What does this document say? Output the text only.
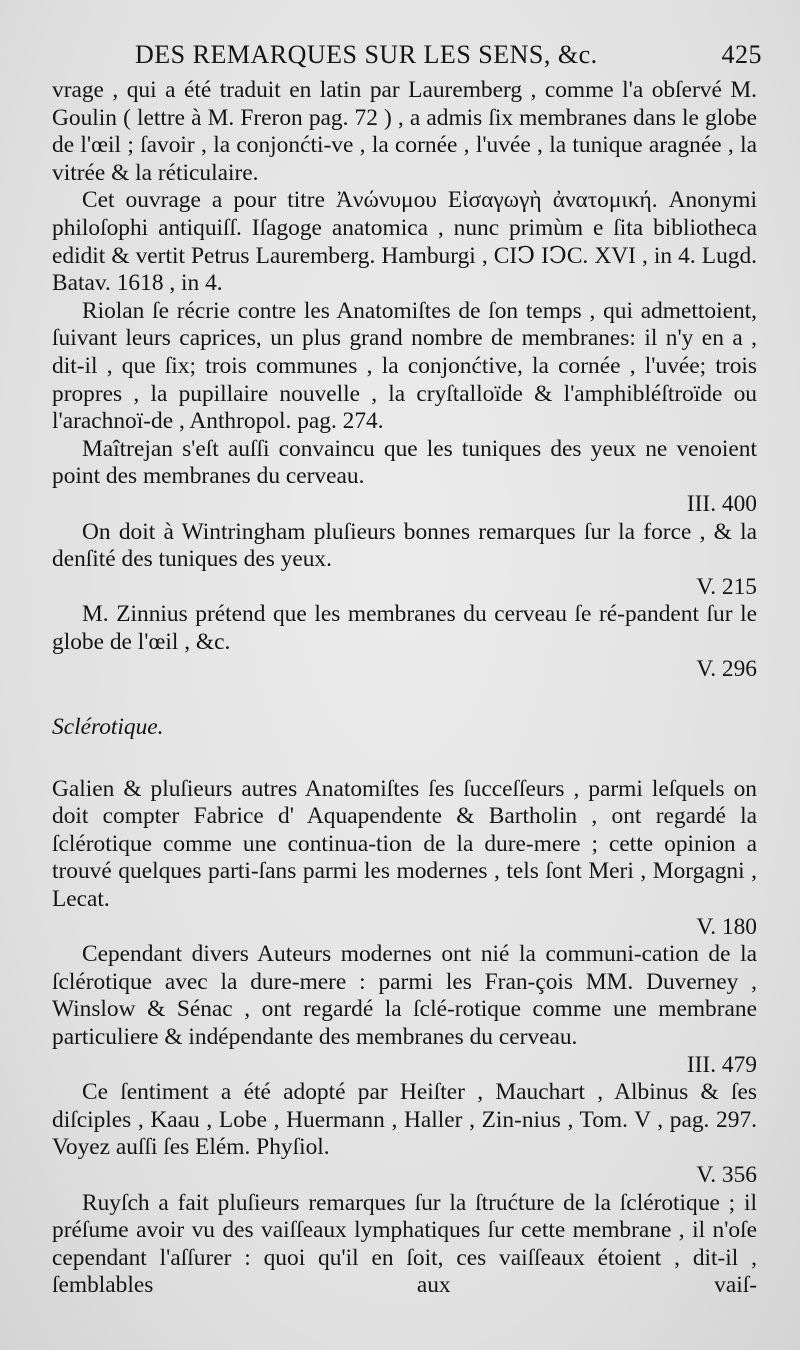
DES REMARQUES SUR LES SENS, &c.	425

vrage , qui a été traduit en latin par Lauremberg , comme l'a obſervé M. Goulin ( lettre à M. Freron pag. 72 ) , a admis ſix membranes dans le globe de l'œil ; ſavoir , la conjonćti-ve , la cornée , l'uvée , la tunique aragnée , la vitrée & la réticulaire.

Cet ouvrage a pour titre Ἀνώνυμου Εἰσαγωγὴ ἀνατομική. Anonymi philoſophi antiquiſſ. Iſagoge anatomica , nunc primùm e ſita bibliotheca edidit & vertit Petrus Lauremberg. Hamburgi , CIↃ IↃC. XVI , in 4. Lugd. Batav. 1618 , in 4.

Riolan ſe récrie contre les Anatomiſtes de ſon temps , qui admettoient, ſuivant leurs caprices, un plus grand nombre de membranes: il n'y en a , dit-il , que ſix; trois communes , la conjonćtive, la cornée , l'uvée; trois propres , la pupillaire nouvelle , la cryſtalloïde & l'amphibléſtroïde ou l'arachnoï-de , Anthropol. pag. 274.

Maîtrejan s'eſt auſſi convaincu que les tuniques des yeux ne venoient point des membranes du cerveau.
III. 400

On doit à Wintringham pluſieurs bonnes remarques ſur la force , & la denſité des tuniques des yeux.
V. 215

M. Zinnius prétend que les membranes du cerveau ſe ré-pandent ſur le globe de l'œil , &c.
V. 296

Sclérotique.

Galien & pluſieurs autres Anatomiſtes ſes ſucceſſeurs , parmi leſquels on doit compter Fabrice d' Aquapendente & Bartholin , ont regardé la ſclérotique comme une continua-tion de la dure-mere ; cette opinion a trouvé quelques parti-ſans parmi les modernes , tels ſont Meri , Morgagni , Lecat.
V. 180

Cependant divers Auteurs modernes ont nié la communi-cation de la ſclérotique avec la dure-mere : parmi les Fran-çois MM. Duverney , Winslow & Sénac , ont regardé la ſclé-rotique comme une membrane particuliere & indépendante des membranes du cerveau.
III. 479

Ce ſentiment a été adopté par Heiſter , Mauchart , Albinus & ſes diſciples , Kaau , Lobe , Huermann , Haller , Zin-nius , Tom. V , pag. 297. Voyez auſſi ſes Elém. Phyſiol.
V. 356

Ruyſch a fait pluſieurs remarques ſur la ſtrućture de la ſclérotique ; il préſume avoir vu des vaiſſeaux lymphatiques ſur cette membrane , il n'oſe cependant l'aſſurer : quoi qu'il en ſoit, ces vaiſſeaux étoient , dit-il , ſemblables aux vaiſ-
